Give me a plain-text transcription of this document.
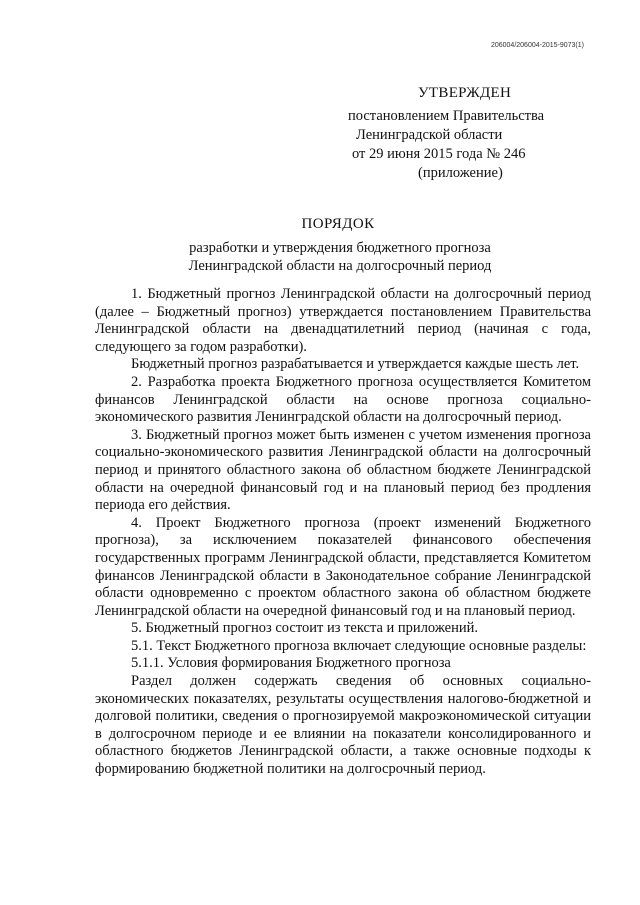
206004/206004-2015-9073(1)
УТВЕРЖДЕН
постановлением Правительства
Ленинградской области
от 29 июня 2015 года № 246
(приложение)
ПОРЯДОК
разработки и утверждения бюджетного прогноза
Ленинградской области на долгосрочный период

1. Бюджетный прогноз Ленинградской области на долгосрочный период (далее – Бюджетный прогноз) утверждается постановлением Правительства Ленинградской области на двенадцатилетний период (начиная с года, следующего за годом разработки).

Бюджетный прогноз разрабатывается и утверждается каждые шесть лет.

2. Разработка проекта Бюджетного прогноза осуществляется Комитетом финансов Ленинградской области на основе прогноза социально-экономического развития Ленинградской области на долгосрочный период.

3. Бюджетный прогноз может быть изменен с учетом изменения прогноза социально-экономического развития Ленинградской области на долгосрочный период и принятого областного закона об областном бюджете Ленинградской области на очередной финансовый год и на плановый период без продления периода его действия.

4. Проект Бюджетного прогноза (проект изменений Бюджетного прогноза), за исключением показателей финансового обеспечения государственных программ Ленинградской области, представляется Комитетом финансов Ленинградской области в Законодательное собрание Ленинградской области одновременно с проектом областного закона об областном бюджете Ленинградской области на очередной финансовый год и на плановый период.

5. Бюджетный прогноз состоит из текста и приложений.

5.1. Текст Бюджетного прогноза включает следующие основные разделы:

5.1.1. Условия формирования Бюджетного прогноза

Раздел должен содержать сведения об основных социально-экономических показателях, результаты осуществления налогово-бюджетной и долговой политики, сведения о прогнозируемой макроэкономической ситуации в долгосрочном периоде и ее влиянии на показатели консолидированного и областного бюджетов Ленинградской области, а также основные подходы к формированию бюджетной политики на долгосрочный период.
